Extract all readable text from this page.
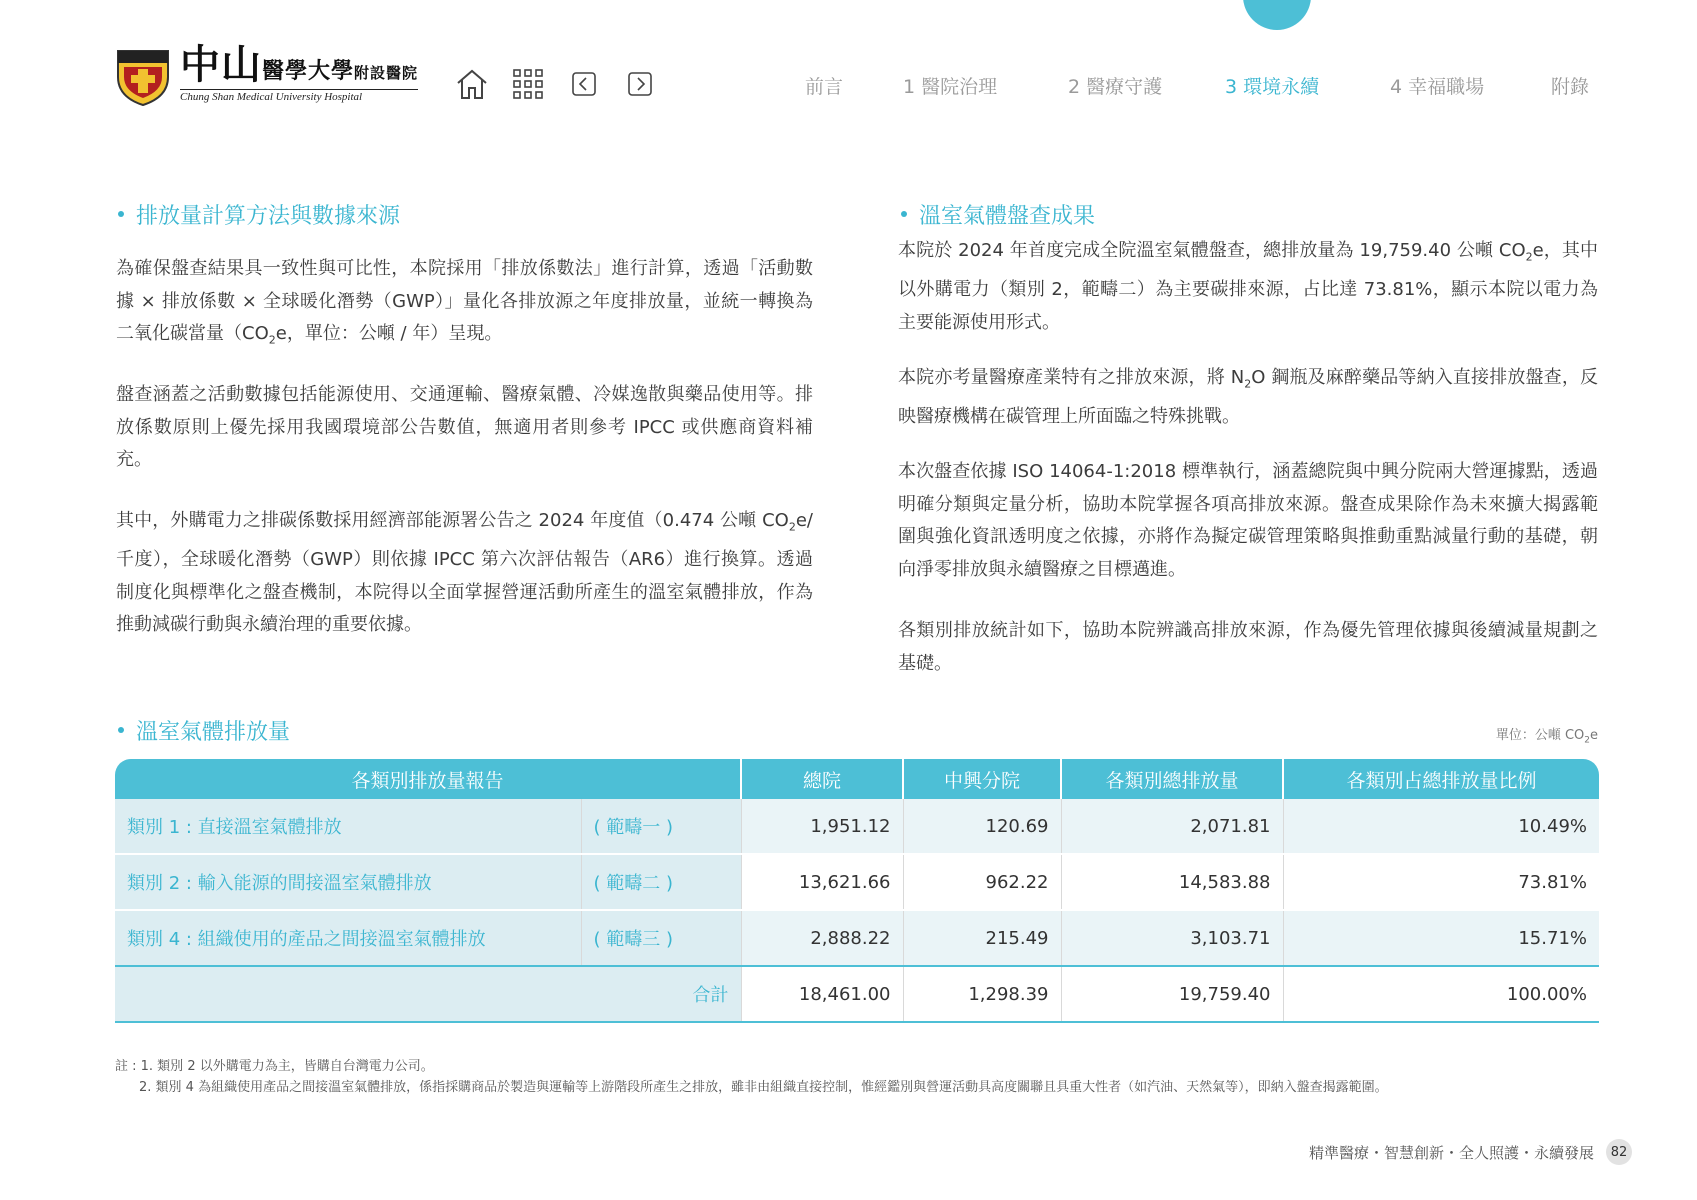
中山醫學大學附設醫院
Chung Shan Medical University Hospital	前言	1 醫院治理	2 醫療守護	3 環境永續	4 幸福職場	附錄
排放量計算方法與數據來源
為確保盤查結果具一致性與可比性，本院採用「排放係數法」進行計算，透過「活動數據 × 排放係數 × 全球暖化潛勢（GWP）」量化各排放源之年度排放量，並統一轉換為二氧化碳當量（$CO_2e$，單位：公噸 / 年）呈現。
盤查涵蓋之活動數據包括能源使用、交通運輸、醫療氣體、冷媒逸散與藥品使用等。排放係數原則上優先採用我國環境部公告數值，無適用者則參考 IPCC 或供應商資料補充。
其中，外購電力之排碳係數採用經濟部能源署公告之 2024 年度值（0.474 公噸 $CO_2e/$ 千度），全球暖化潛勢（GWP）則依據 IPCC 第六次評估報告（AR6）進行換算。透過制度化與標準化之盤查機制，本院得以全面掌握營運活動所產生的溫室氣體排放，作為推動減碳行動與永續治理的重要依據。
溫室氣體盤查成果
本院於 2024 年首度完成全院溫室氣體盤查，總排放量為 19,759.40 公噸 $CO_2e$，其中以外購電力（類別 2，範疇二）為主要碳排來源，占比達 73.81%，顯示本院以電力為主要能源使用形式。
本院亦考量醫療產業特有之排放來源，將 $N_2O$ 鋼瓶及麻醉藥品等納入直接排放盤查，反映醫療機構在碳管理上所面臨之特殊挑戰。
本次盤查依據 ISO 14064-1:2018 標準執行，涵蓋總院與中興分院兩大營運據點，透過明確分類與定量分析，協助本院掌握各項高排放來源。盤查成果除作為未來擴大揭露範圍與強化資訊透明度之依據，亦將作為擬定碳管理策略與推動重點減量行動的基礎，朝向淨零排放與永續醫療之目標邁進。
各類別排放統計如下，協助本院辨識高排放來源，作為優先管理依據與後續減量規劃之基礎。
溫室氣體排放量	單位：公噸 $CO_2e$
各類別排放量報告		總院	中興分院	各類別總排放量	各類別占總排放量比例
類別 1 : 直接溫室氣體排放	( 範疇一 )	1,951.12	120.69	2,071.81	10.49%
類別 2 : 輸入能源的間接溫室氣體排放	( 範疇二 )	13,621.66	962.22	14,583.88	73.81%
類別 4 : 組織使用的產品之間接溫室氣體排放	( 範疇三 )	2,888.22	215.49	3,103.71	15.71%
合計		18,461.00	1,298.39	19,759.40	100.00%
註 : 1. 類別 2 以外購電力為主，皆購自台灣電力公司。
2. 類別 4 為組織使用產品之間接溫室氣體排放，係指採購商品於製造與運輸等上游階段所產生之排放，雖非由組織直接控制，惟經鑑別與營運活動具高度關聯且具重大性者（如汽油、天然氣等），即納入盤查揭露範圍。
精準醫療・智慧創新・全人照護・永續發展	82
